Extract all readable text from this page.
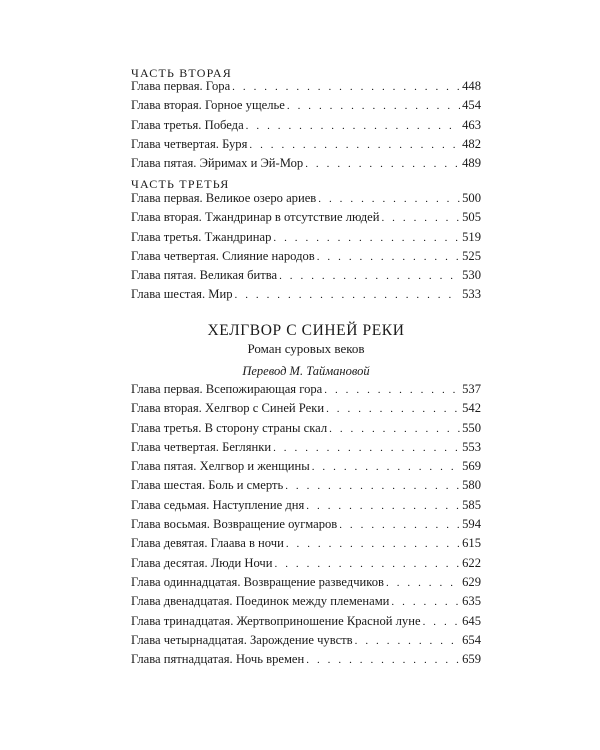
ЧАСТЬ ВТОРАЯ
Глава первая. Гора . . .	448
Глава вторая. Горное ущелье . . .	454
Глава третья. Победа . . .	463
Глава четвертая. Буря . . .	482
Глава пятая. Эйримах и Эй-Мор . . .	489
ЧАСТЬ ТРЕТЬЯ
Глава первая. Великое озеро ариев . . .	500
Глава вторая. Тжандринар в отсутствие людей . . .	505
Глава третья. Тжандринар . . .	519
Глава четвертая. Слияние народов . . .	525
Глава пятая. Великая битва . . .	530
Глава шестая. Мир . . .	533
ХЕЛГВОР С СИНЕЙ РЕКИ
Роман суровых веков
Перевод М. Таймановой
Глава первая. Всепожирающая гора . . .	537
Глава вторая. Хелгвор с Синей Реки . . .	542
Глава третья. В сторону страны скал . . .	550
Глава четвертая. Беглянки . . .	553
Глава пятая. Хелгвор и женщины . . .	569
Глава шестая. Боль и смерть . . .	580
Глава седьмая. Наступление дня . . .	585
Глава восьмая. Возвращение оугмаров . . .	594
Глава девятая. Глаава в ночи . . .	615
Глава десятая. Люди Ночи . . .	622
Глава одиннадцатая. Возвращение разведчиков . . .	629
Глава двенадцатая. Поединок между племенами . . .	635
Глава тринадцатая. Жертвоприношение Красной луне . . .	645
Глава четырнадцатая. Зарождение чувств . . .	654
Глава пятнадцатая. Ночь времен . . .	659
